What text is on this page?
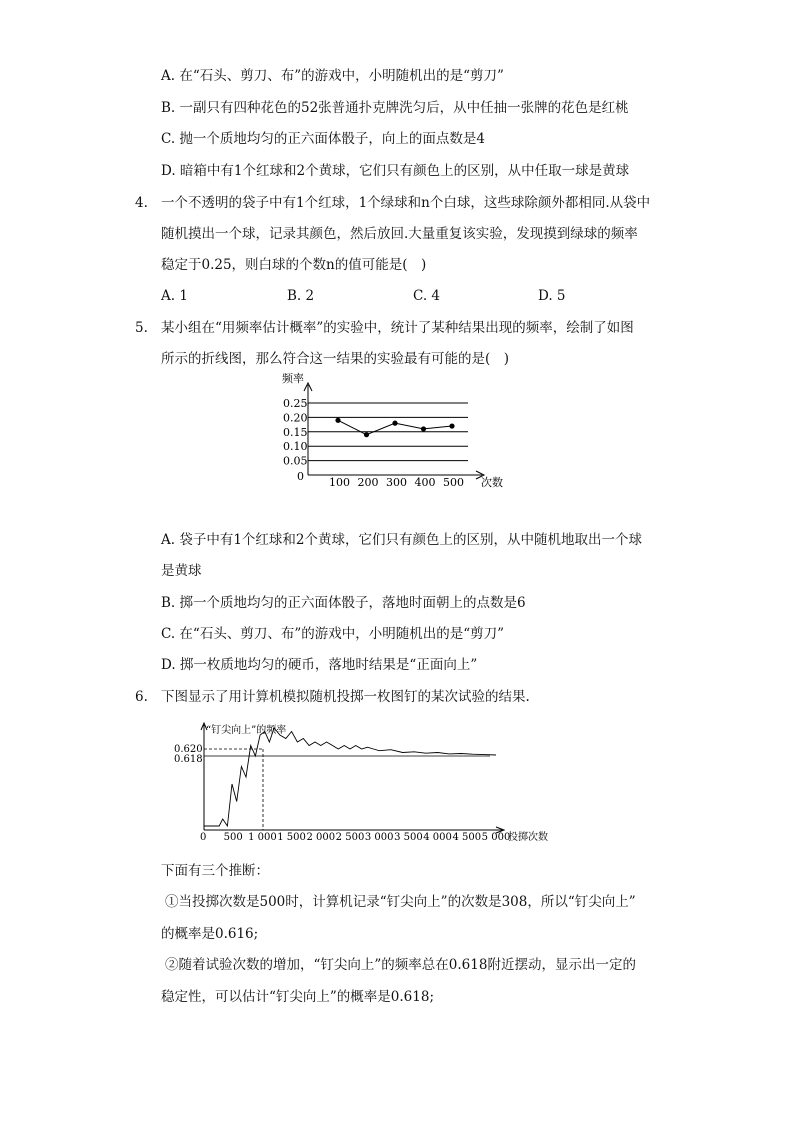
A. 在“石头、剪刀、布”的游戏中，小明随机出的是“剪刀”
B. 一副只有四种花色的52张普通扑克牌洗匀后，从中任抽一张牌的花色是红桃
C. 抛一个质地均匀的正六面体骰子，向上的面点数是4
D. 暗箱中有1个红球和2个黄球，它们只有颜色上的区别，从中任取一球是黄球
4. 一个不透明的袋子中有1个红球，1个绿球和n个白球，这些球除颜外都相同.从袋中
随机摸出一个球，记录其颜色，然后放回.大量重复该实验，发现摸到绿球的频率
稳定于0.25，则白球的个数n的值可能是(　)
A. 1	B. 2	C. 4	D. 5
5. 某小组在“用频率估计概率”的实验中，统计了某种结果出现的频率，绘制了如图
所示的折线图，那么符合这一结果的实验最有可能的是(　)
频率
0.25
0.20
0.15
0.10
0.05
100 200 300 400 500
0	次数
A. 袋子中有1个红球和2个黄球，它们只有颜色上的区别，从中随机地取出一个球
是黄球
B. 掷一个质地均匀的正六面体骰子，落地时面朝上的点数是6
C. 在“石头、剪刀、布”的游戏中，小明随机出的是“剪刀”
D. 掷一枚质地均匀的硬币，落地时结果是“正面向上”
6. 下图显示了用计算机模拟随机投掷一枚图钉的某次试验的结果.
“钉尖向上”的频率
0
0.620
0.618
500 1 000 1 500 2 000 2 500 3 000 3 500 4 000 4 500 5 000
投掷次数
下面有三个推断：
①当投掷次数是500时，计算机记录“钉尖向上”的次数是308，所以“钉尖向上”
的概率是0.616;
②随着试验次数的增加，“钉尖向上”的频率总在0.618附近摆动，显示出一定的
稳定性，可以估计“钉尖向上”的概率是0.618;
